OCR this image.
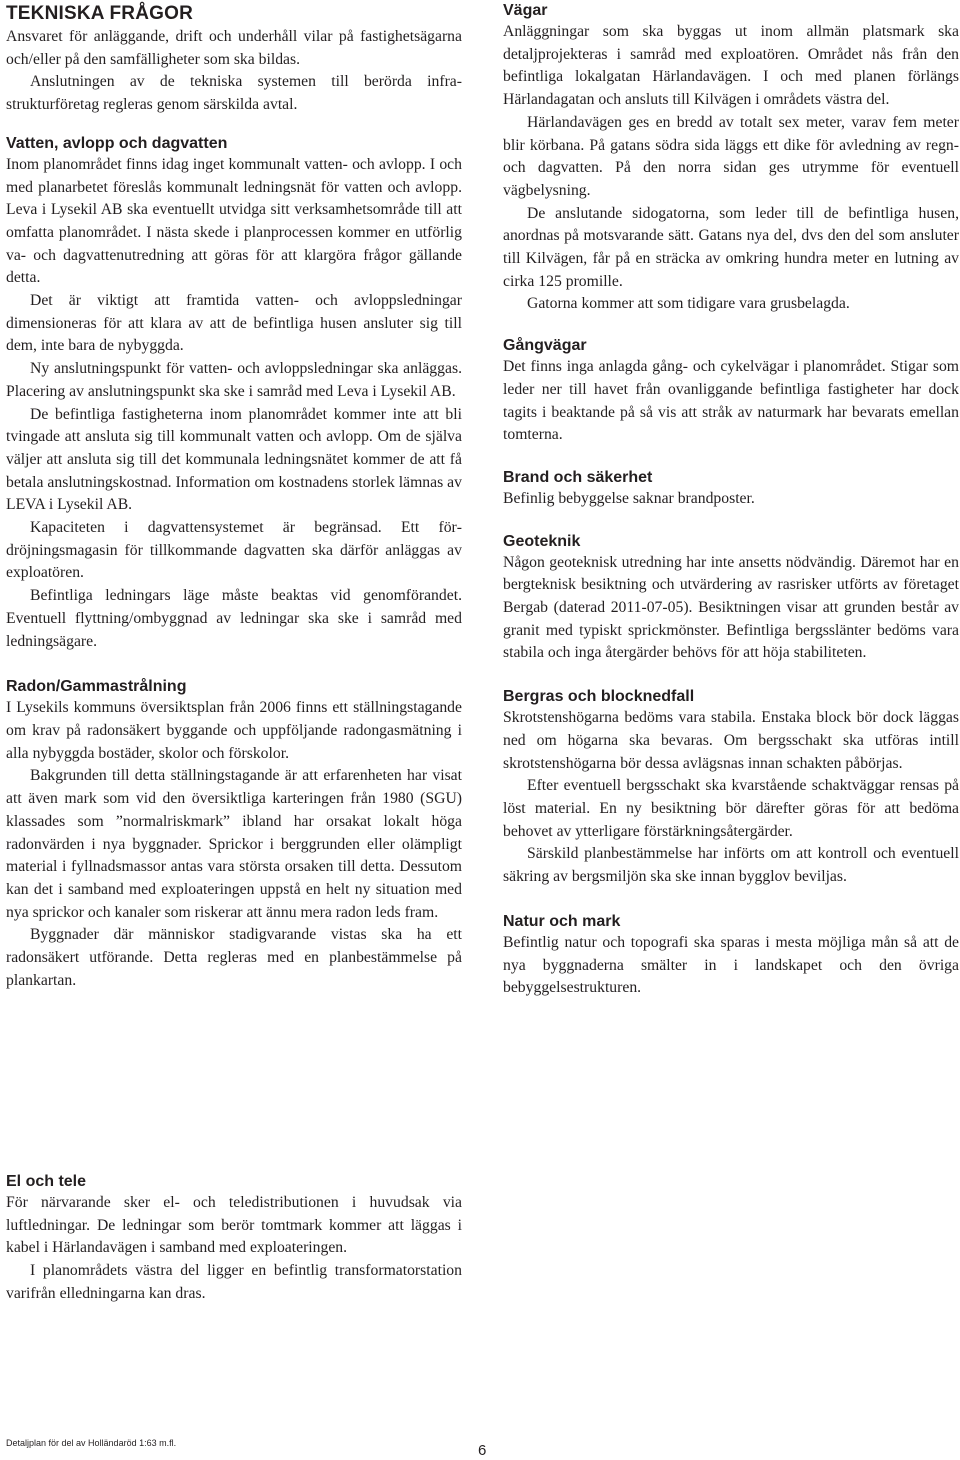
TEKNISKA FRÅGOR

Ansvaret för anläggande, drift och underhåll vilar på fastighetsägarna och/eller på den samfälligheter som ska bildas.

Anslutningen av de tekniska systemen till berörda infrastrukturföretag regleras genom särskilda avtal.

Vatten, avlopp och dagvatten

Inom planområdet finns idag inget kommunalt vatten- och avlopp. I och med planarbetet föreslås kommunalt ledningsnät för vatten och avlopp. Leva i Lysekil AB ska eventuellt utvidga sitt verksamhetsområde till att omfatta planområdet. I nästa skede i planprocessen kommer en utförlig va- och dagvattenutredning att göras för att klargöra frågor gällande detta.

Det är viktigt att framtida vatten- och avloppsledningar dimensioneras för att klara av att de befintliga husen ansluter sig till dem, inte bara de nybyggda.

Ny anslutningspunkt för vatten- och avloppsledningar ska anläggas. Placering av anslutningspunkt ska ske i samråd med Leva i Lysekil AB.

De befintliga fastigheterna inom planområdet kommer inte att bli tvingade att ansluta sig till kommunalt vatten och avlopp. Om de själva väljer att ansluta sig till det kommunala ledningsnätet kommer de att få betala anslutningskostnad. Information om kostnadens storlek lämnas av LEVA i Lysekil AB.

Kapaciteten i dagvattensystemet är begränsad. Ett fördröjningsmagasin för tillkommande dagvatten ska därför anläggas av exploatören.

Befintliga ledningars läge måste beaktas vid genomförandet. Eventuell flyttning/ombyggnad av ledningar ska ske i samråd med ledningsägare.

Radon/Gammastrålning

I Lysekils kommuns översiktsplan från 2006 finns ett ställningstagande om krav på radonsäkert byggande och uppföljande radongasmätning i alla nybyggda bostäder, skolor och förskolor.

Bakgrunden till detta ställningstagande är att erfarenheten har visat att även mark som vid den översiktliga karteringen från 1980 (SGU) klassades som ”normalriskmark” ibland har orsakat lokalt höga radonvärden i nya byggnader. Sprickor i berggrunden eller olämpligt material i fyllnadsmassor antas vara största orsaken till detta. Dessutom kan det i samband med exploateringen uppstå en helt ny situation med nya sprickor och kanaler som riskerar att ännu mera radon leds fram.

Byggnader där människor stadigvarande vistas ska ha ett radonsäkert utförande. Detta regleras med en planbestämmelse på plankartan.

El och tele

För närvarande sker el- och teledistributionen i huvudsak via luftledningar. De ledningar som berör tomtmark kommer att läggas i kabel i Härlandavägen i samband med exploateringen.

I planområdets västra del ligger en befintlig transformatorstation varifrån elledningarna kan dras.

Vägar

Anläggningar som ska byggas ut inom allmän platsmark ska detaljprojekteras i samråd med exploatören. Området nås från den befintliga lokalgatan Härlandavägen. I och med planen förlängs Härlandagatan och ansluts till Kilvägen i områdets västra del.

Härlandavägen ges en bredd av totalt sex meter, varav fem meter blir körbana. På gatans södra sida läggs ett dike för avledning av regn- och dagvatten. På den norra sidan ges utrymme för eventuell vägbelysning.

De anslutande sidogatorna, som leder till de befintliga husen, anordnas på motsvarande sätt. Gatans nya del, dvs den del som ansluter till Kilvägen, får på en sträcka av omkring hundra meter en lutning av cirka 125 promille.

Gatorna kommer att som tidigare vara grusbelagda.

Gångvägar

Det finns inga anlagda gång- och cykelvägar i planområdet. Stigar som leder ner till havet från ovanliggande befintliga fastigheter har dock tagits i beaktande på så vis att stråk av naturmark har bevarats emellan tomterna.

Brand och säkerhet

Befinlig bebyggelse saknar brandposter.

Geoteknik

Någon geoteknisk utredning har inte ansetts nödvändig. Däremot har en bergteknisk besiktning och utvärdering av rasrisker utförts av företaget Bergab (daterad 2011-07-05). Besiktningen visar att grunden består av granit med typiskt sprickmönster. Befintliga bergsslänter bedöms vara stabila och inga återgärder behövs för att höja stabiliteten.

Bergras och blocknedfall

Skrotstenshögarna bedöms vara stabila. Enstaka block bör dock läggas ned om högarna ska bevaras. Om bergsschakt ska utföras intill skrotstenshögarna bör dessa avlägsnas innan schakten påbörjas.

Efter eventuell bergsschakt ska kvarstående schaktväggar rensas på löst material. En ny besiktning bör därefter göras för att bedöma behovet av ytterligare förstärkningsåtergärder.

Särskild planbestämmelse har införts om att kontroll och eventuell säkring av bergsmiljön ska ske innan bygglov beviljas.

Natur och mark

Befintlig natur och topografi ska sparas i mesta möjliga mån så att de nya byggnaderna smälter in i landskapet och den övriga bebyggelsestrukturen.

Detaljplan för del av Holländaröd 1:63 m.fl.	6
